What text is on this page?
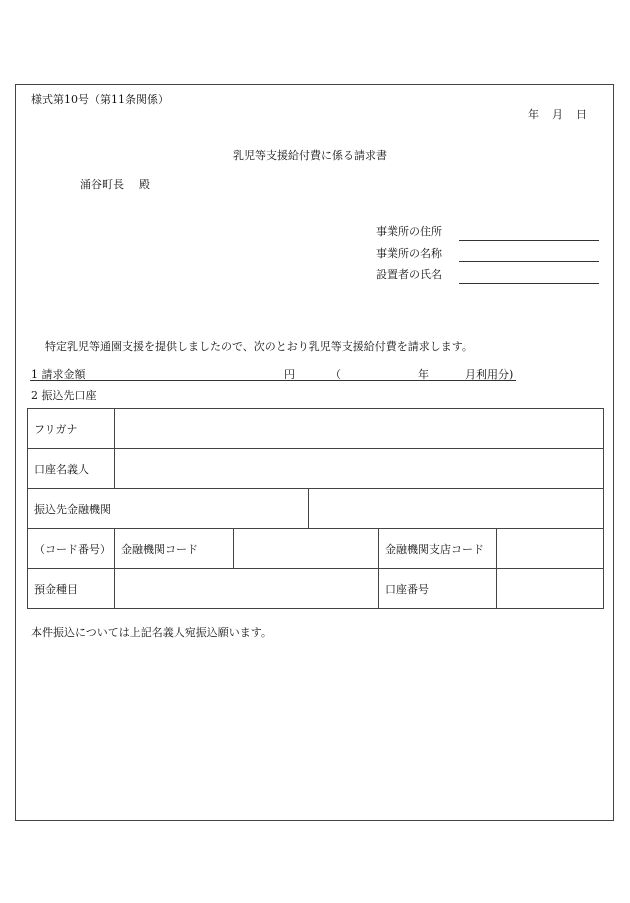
様式第10号（第11条関係）
年 月 日
乳児等支援給付費に係る請求書
涌谷町長 殿
事業所の住所
事業所の名称
設置者の氏名
特定乳児等通園支援を提供しましたので、次のとおり乳児等支援給付費を請求します。
1 請求金額	円	（	年	月利用分)
2 振込先口座
フリガナ					
口座名義人					
振込先金融機関					
（コード番号）	金融機関コード			金融機関支店コード	
預金種目				口座番号	
本件振込については上記名義人宛振込願います。
